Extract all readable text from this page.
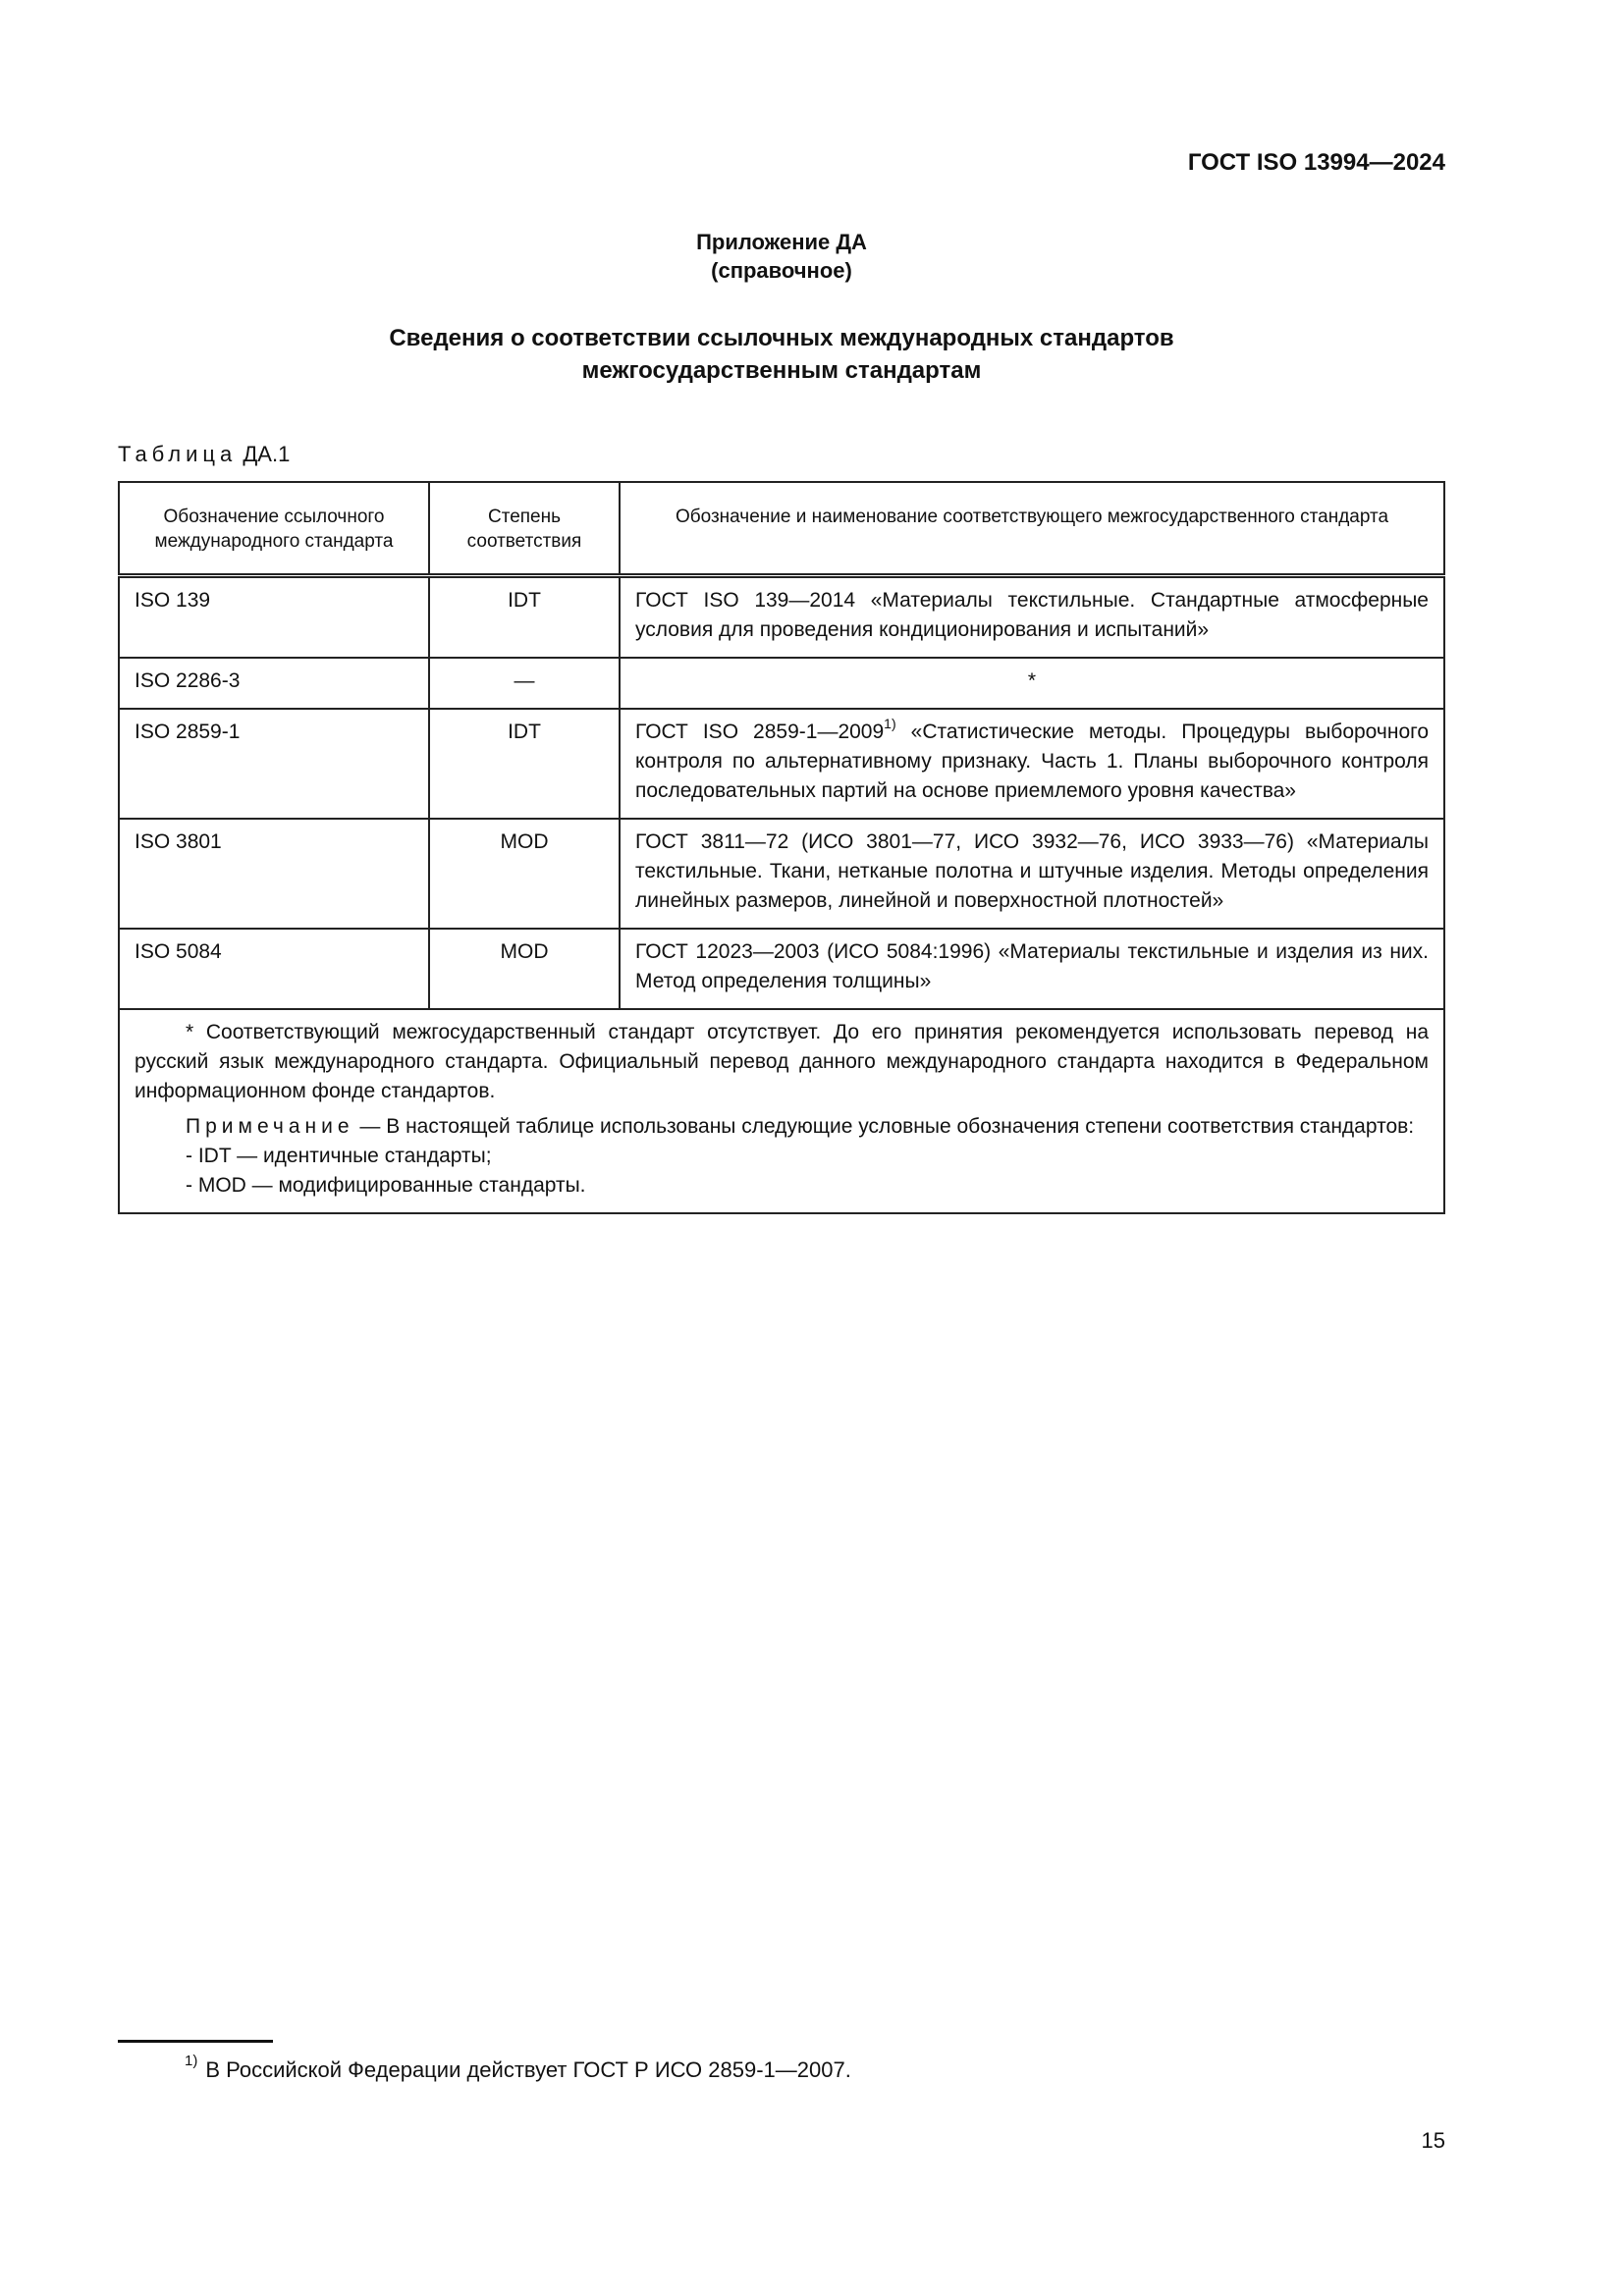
ГОСТ ISO 13994—2024
Приложение ДА
(справочное)
Сведения о соответствии ссылочных международных стандартов
межгосударственным стандартам
Таблица ДА.1
Обозначение ссылочного международного стандарта	Степень соответствия	Обозначение и наименование соответствующего межгосударственного стандарта
ISO 139	IDT	ГОСТ ISO 139—2014 «Материалы текстильные. Стандартные атмосферные условия для проведения кондиционирования и испытаний»
ISO 2286-3	—	*
ISO 2859-1	IDT	ГОСТ ISO 2859-1—2009$^{1)}$ «Статистические методы. Процедуры выборочного контроля по альтернативному признаку. Часть 1. Планы выборочного контроля последовательных партий на основе приемлемого уровня качества»
ISO 3801	MOD	ГОСТ 3811—72 (ИСО 3801—77, ИСО 3932—76, ИСО 3933—76) «Материалы текстильные. Ткани, нетканые полотна и штучные изделия. Методы определения линейных размеров, линейной и поверхностной плотностей»
ISO 5084	MOD	ГОСТ 12023—2003 (ИСО 5084:1996) «Материалы текстильные и изделия из них. Метод определения толщины»

* Соответствующий межгосударственный стандарт отсутствует. До его принятия рекомендуется использовать перевод на русский язык международного стандарта. Официальный перевод данного международного стандарта находится в Федеральном информационном фонде стандартов.

Примечание — В настоящей таблице использованы следующие условные обозначения степени соответствия стандартов:

- IDT — идентичные стандарты;

- MOD — модифицированные стандарты.		

$^{1)}$ В Российской Федерации действует ГОСТ Р ИСО 2859-1—2007.
15
